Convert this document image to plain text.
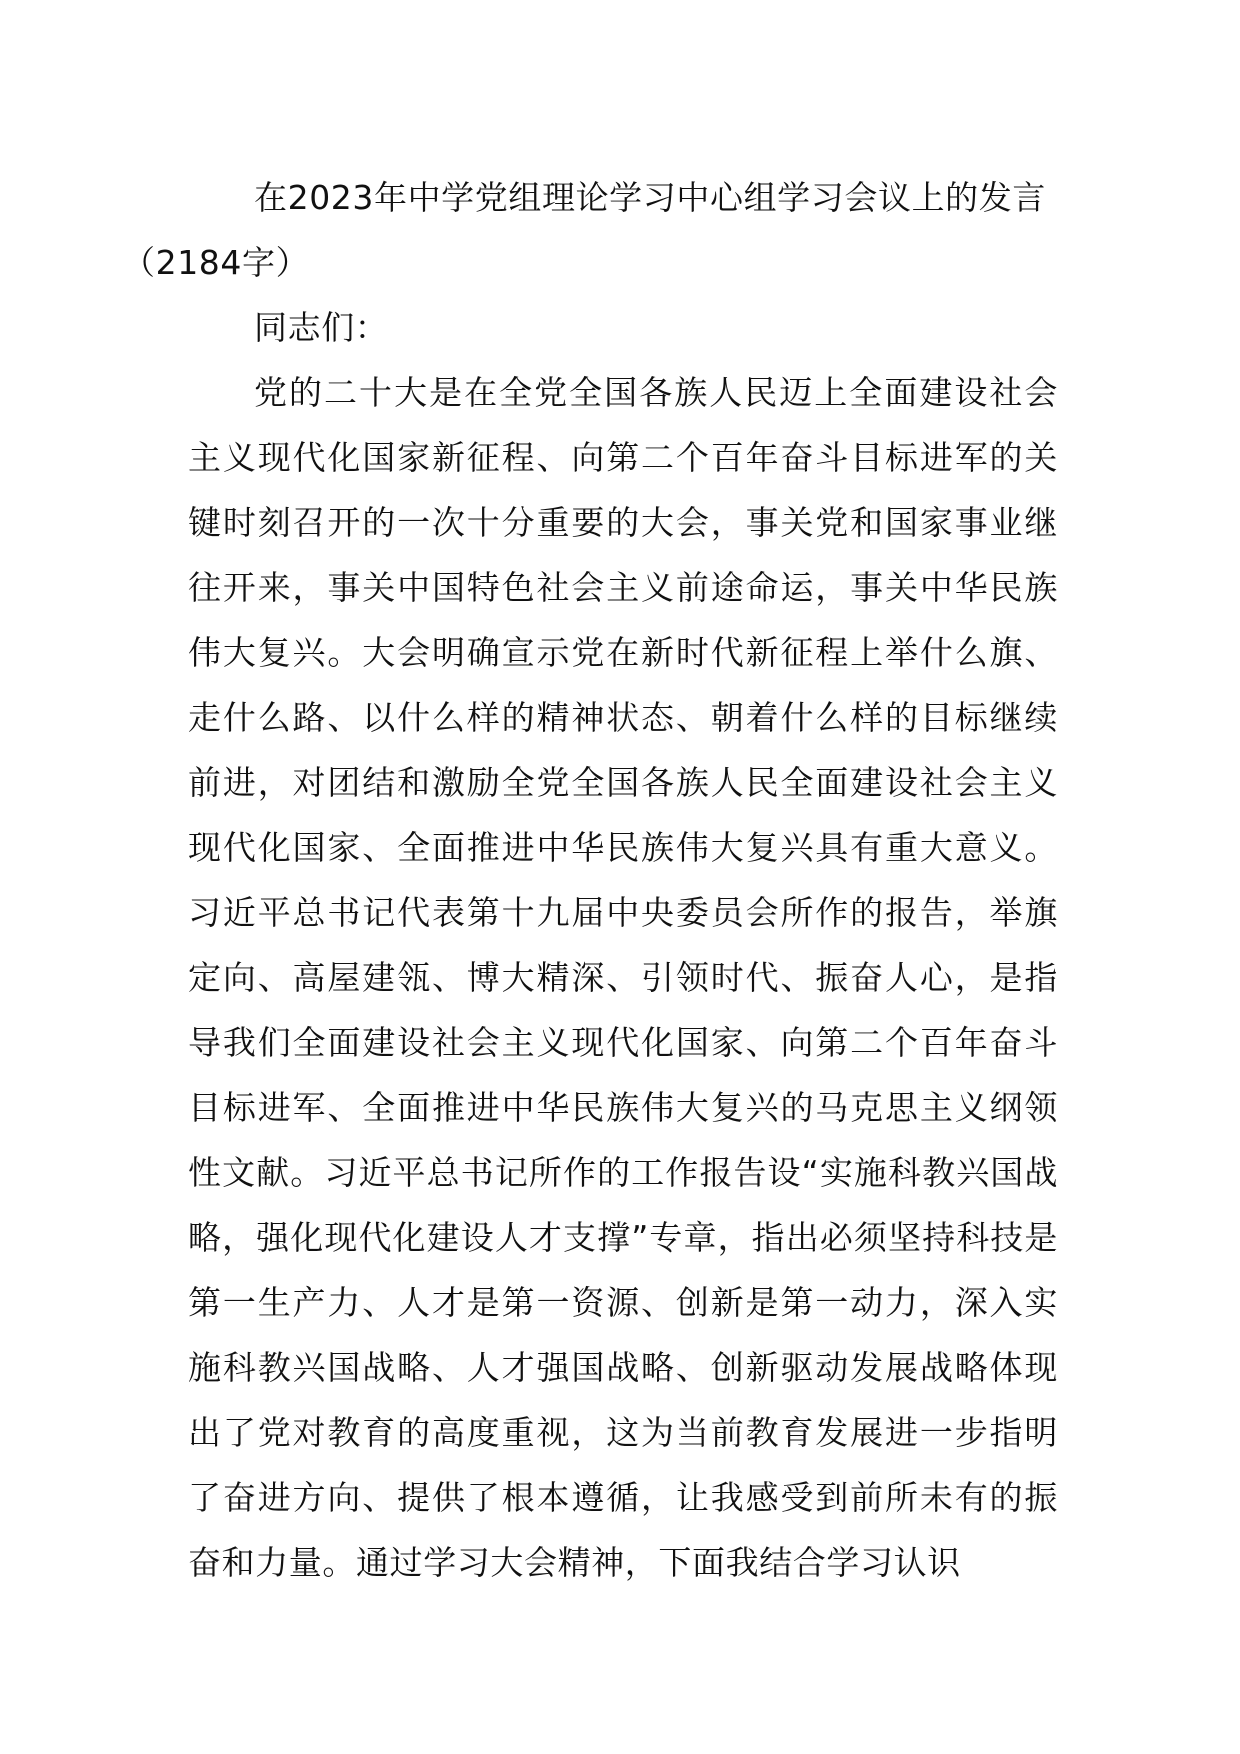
在2023年中学党组理论学习中心组学习会议上的发言
（2184字）

同志们：

党的二十大是在全党全国各族人民迈上全面建设社会主义现代化国家新征程、向第二个百年奋斗目标进军的关键时刻召开的一次十分重要的大会，事关党和国家事业继往开来，事关中国特色社会主义前途命运，事关中华民族伟大复兴。大会明确宣示党在新时代新征程上举什么旗、走什么路、以什么样的精神状态、朝着什么样的目标继续前进，对团结和激励全党全国各族人民全面建设社会主义现代化国家、全面推进中华民族伟大复兴具有重大意义。习近平总书记代表第十九届中央委员会所作的报告，举旗定向、高屋建瓴、博大精深、引领时代、振奋人心，是指导我们全面建设社会主义现代化国家、向第二个百年奋斗目标进军、全面推进中华民族伟大复兴的马克思主义纲领性文献。习近平总书记所作的工作报告设“实施科教兴国战略，强化现代化建设人才支撑”专章，指出必须坚持科技是第一生产力、人才是第一资源、创新是第一动力，深入实施科教兴国战略、人才强国战略、创新驱动发展战略体现出了党对教育的高度重视，这为当前教育发展进一步指明了奋进方向、提供了根本遵循，让我感受到前所未有的振奋和力量。通过学习大会精神，下面我结合学习认识
